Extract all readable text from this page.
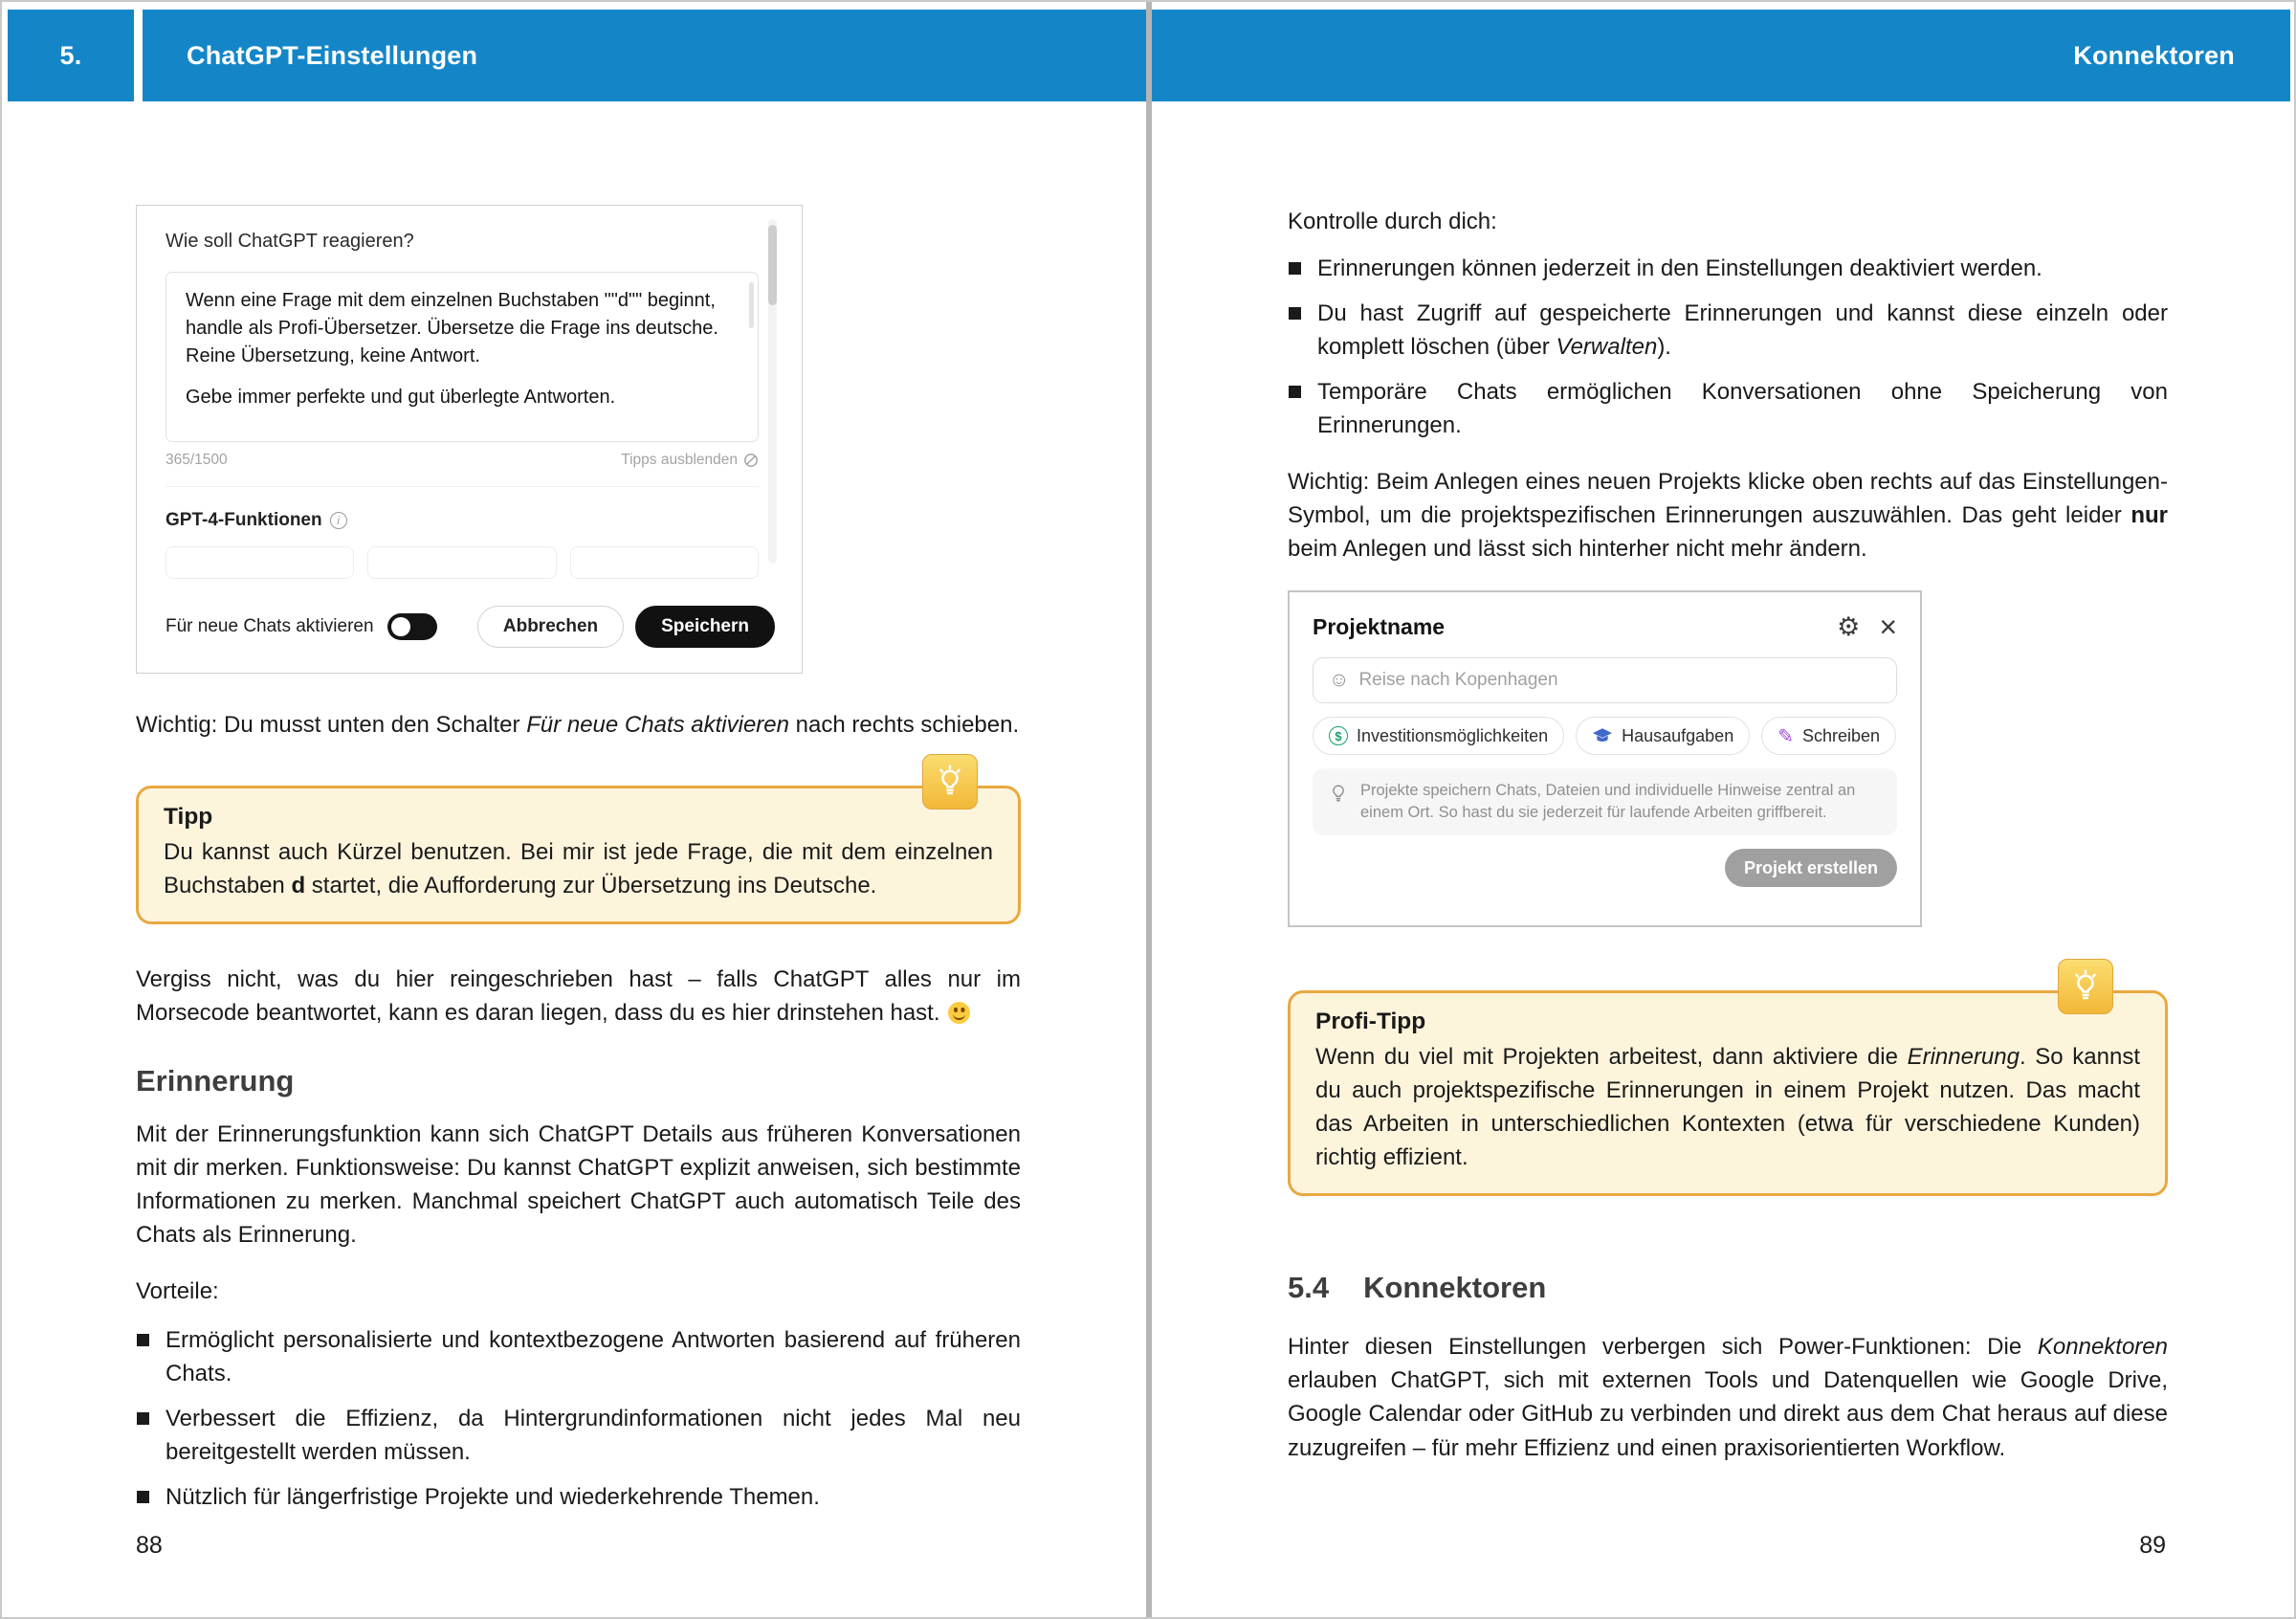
5.	ChatGPT-Einstellungen
Wie soll ChatGPT reagieren?

Wenn eine Frage mit dem einzelnen Buchstaben ""d"" beginnt, handle als Profi-Übersetzer. Übersetze die Frage ins deutsche. Reine Übersetzung, keine Antwort.

Gebe immer perfekte und gut überlegte Antworten.

365/1500	Tipps ausblenden
GPT-4-Funktionen
i
Für neue Chats aktivieren	Abbrechen	Speichern

Wichtig: Du musst unten den Schalter Für neue Chats aktivieren nach rechts schieben.

Tipp

Du kannst auch Kürzel benutzen. Bei mir ist jede Frage, die mit dem einzelnen Buchstaben d startet, die Aufforderung zur Übersetzung ins Deutsche.

Vergiss nicht, was du hier reingeschrieben hast – falls ChatGPT alles nur im Morsecode beantwortet, kann es daran liegen, dass du es hier drinstehen hast.

Erinnerung

Mit der Erinnerungsfunktion kann sich ChatGPT Details aus früheren Konversationen mit dir merken. Funktionsweise: Du kannst ChatGPT explizit anweisen, sich bestimmte Informationen zu merken. Manchmal speichert ChatGPT auch automatisch Teile des Chats als Erinnerung.

Vorteile:

Ermöglicht personalisierte und kontextbezogene Antworten basierend auf früheren Chats.
Verbessert die Effizienz, da Hintergrundinformationen nicht jedes Mal neu bereitgestellt werden müssen.
Nützlich für längerfristige Projekte und wiederkehrende Themen.
88
Konnektoren

Kontrolle durch dich:

Erinnerungen können jederzeit in den Einstellungen deaktiviert werden.
Du hast Zugriff auf gespeicherte Erinnerungen und kannst diese einzeln oder komplett löschen (über Verwalten).
Temporäre Chats ermöglichen Konversationen ohne Speicherung von Erinnerungen.

Wichtig: Beim Anlegen eines neuen Projekts klicke oben rechts auf das Einstellungen-Symbol, um die projektspezifischen Erinnerungen auszuwählen. Das geht leider nur beim Anlegen und lässt sich hinterher nicht mehr ändern.

Projektname
⚙
×
☺
Reise nach Kopenhagen
$
Investitionsmöglichkeiten	Hausaufgaben ✎	Schreiben

Projekte speichern Chats, Dateien und individuelle Hinweise zentral an einem Ort. So hast du sie jederzeit für laufende Arbeiten griffbereit.

Projekt erstellen
Profi-Tipp

Wenn du viel mit Projekten arbeitest, dann aktiviere die Erinnerung. So kannst du auch projektspezifische Erinnerungen in einem Projekt nutzen. Das macht das Arbeiten in unterschiedlichen Kontexten (etwa für verschiedene Kunden) richtig effizient.

5.4 Konnektoren

Hinter diesen Einstellungen verbergen sich Power-Funktionen: Die Konnektoren erlauben ChatGPT, sich mit externen Tools und Datenquellen wie Google Drive, Google Calendar oder GitHub zu verbinden und direkt aus dem Chat heraus auf diese zuzugreifen – für mehr Effizienz und einen praxisorientierten Workflow.

89
